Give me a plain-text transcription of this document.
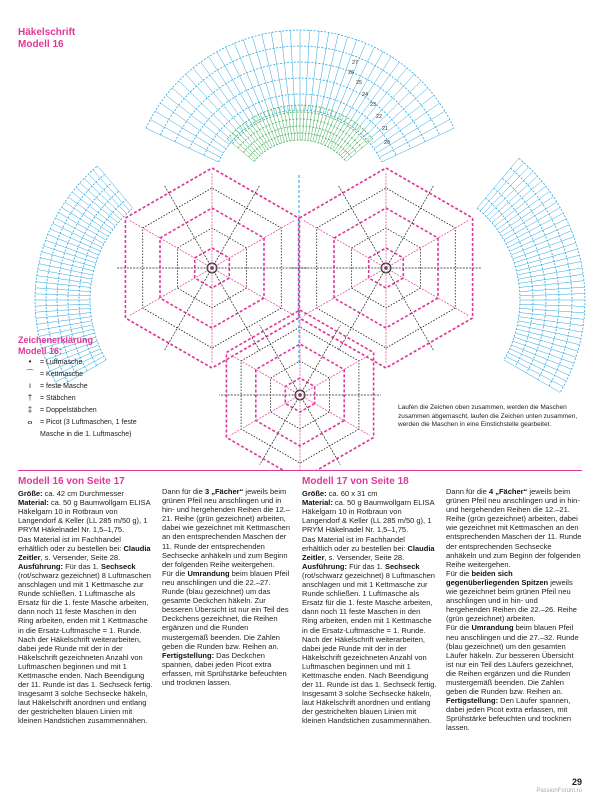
Häkelschrift
Modell 16
27
26
25
24
23
22
21
20
Zeichenerklärung
Modell 16:
•	= Luftmasche
⌒ = Kettmasche
ı	= feste Masche
†	= Stäbchen
‡	= Doppelstäbchen
ⴰ	= Picot (3 Luftmaschen, 1 feste
Masche in die 1. Luftmasche)
Laufen die Zeichen oben zusammen, werden die Maschen zusammen abgemascht, laufen die Zeichen unten zusammen, werden die Maschen in eine Einstichstelle gearbeitet.
Modell 16 von Seite 17

Größe: ca. 42 cm Durchmesser

Material: ca. 50 g Baumwollgarn ELISA Häkelgarn 10 in Rotbraun von Langendorf & Keller (LL 285 m/50 g), 1 PRYM Häkelnadel Nr. 1,5–1,75.

Das Material ist im Fachhandel erhältlich oder zu bestellen bei: Claudia Zeitler, s. Versender, Seite 28.

Ausführung: Für das 1. Sechseck (rot/schwarz gezeichnet) 8 Luftmaschen anschlagen und mit 1 Kettmasche zur Runde schließen. 1 Luftmasche als Ersatz für die 1. feste Masche arbeiten, dann noch 11 feste Maschen in den Ring arbeiten, enden mit 1 Kettmasche in die Ersatz-Luftmasche = 1. Runde. Nach der Häkelschrift weiterarbeiten, dabei jede Runde mit der in der Häkelschrift gezeichneten Anzahl von Luftmaschen beginnen und mit 1 Kettmasche enden. Nach Beendigung der 11. Runde ist das 1. Sechseck fertig. Insgesamt 3 solche Sechsecke häkeln, laut Häkelschrift anordnen und entlang der gestrichelten blauen Linien mit kleinen Handstichen zusammennähen.

Dann für die 3 „Fächer“ jeweils beim grünen Pfeil neu anschlingen und in hin- und hergehenden Reihen die 12.–21. Reihe (grün gezeichnet) arbeiten, dabei wie gezeichnet mit Kettmaschen an den entsprechenden Maschen der 11. Runde der entsprechenden Sechsecke anhäkeln und zum Beginn der folgenden Reihe weitergehen.

Für die Umrandung beim blauen Pfeil neu anschlingen und die 22.–27. Runde (blau gezeichnet) um das gesamte Deckchen häkeln. Zur besseren Übersicht ist nur ein Teil des Deckchens gezeichnet, die Reihen ergänzen und die Runden mustergemäß beenden. Die Zahlen geben die Runden bzw. Reihen an.

Fertigstellung: Das Deckchen spannen, dabei jeden Picot extra erfassen, mit Sprühstärke befeuchten und trocknen lassen.

Modell 17 von Seite 18

Größe: ca. 60 x 31 cm

Material: ca. 50 g Baumwollgarn ELISA Häkelgarn 10 in Rotbraun von Langendorf & Keller (LL 285 m/50 g), 1 PRYM Häkelnadel Nr. 1,5–1,75.

Das Material ist im Fachhandel erhältlich oder zu bestellen bei: Claudia Zeitler, s. Versender, Seite 28.

Ausführung: Für das 1. Sechseck (rot/schwarz gezeichnet) 8 Luftmaschen anschlagen und mit 1 Kettmasche zur Runde schließen. 1 Luftmasche als Ersatz für die 1. feste Masche arbeiten, dann noch 11 feste Maschen in den Ring arbeiten, enden mit 1 Kettmasche in die Ersatz-Luftmasche = 1. Runde. Nach der Häkelschrift weiterarbeiten, dabei jede Runde mit der in der Häkelschrift gezeichneten Anzahl von Luftmaschen beginnen und mit 1 Kettmasche enden. Nach Beendigung der 11. Runde ist das 1. Sechseck fertig. Insgesamt 3 solche Sechsecke häkeln, laut Häkelschrift anordnen und entlang der gestrichelten blauen Linien mit kleinen Handstichen zusammennähen.

Dann für die 4 „Fächer“ jeweils beim grünen Pfeil neu anschlingen und in hin- und hergehenden Reihen die 12.–21. Reihe (grün gezeichnet) arbeiten, dabei wie gezeichnet mit Kettmaschen an den entsprechenden Maschen der 11. Runde der entsprechenden Sechsecke anhäkeln und zum Beginn der folgenden Reihe weitergehen.

Für die beiden sich gegenüberliegenden Spitzen jeweils wie gezeichnet beim grünen Pfeil neu anschlingen und in hin- und hergehenden Reihen die 22.–26. Reihe (grün gezeichnet) arbeiten.

Für die Umrandung beim blauen Pfeil neu anschlingen und die 27.–32. Runde (blau gezeichnet) um den gesamten Läufer häkeln. Zur besseren Übersicht ist nur ein Teil des Läufers gezeichnet, die Reihen ergänzen und die Runden mustergemäß beenden. Die Zahlen geben die Runden bzw. Reihen an.

Fertigstellung: Den Läufer spannen, dabei jeden Picot extra erfassen, mit Sprühstärke befeuchten und trocknen lassen.

29
PassionForum.ru
